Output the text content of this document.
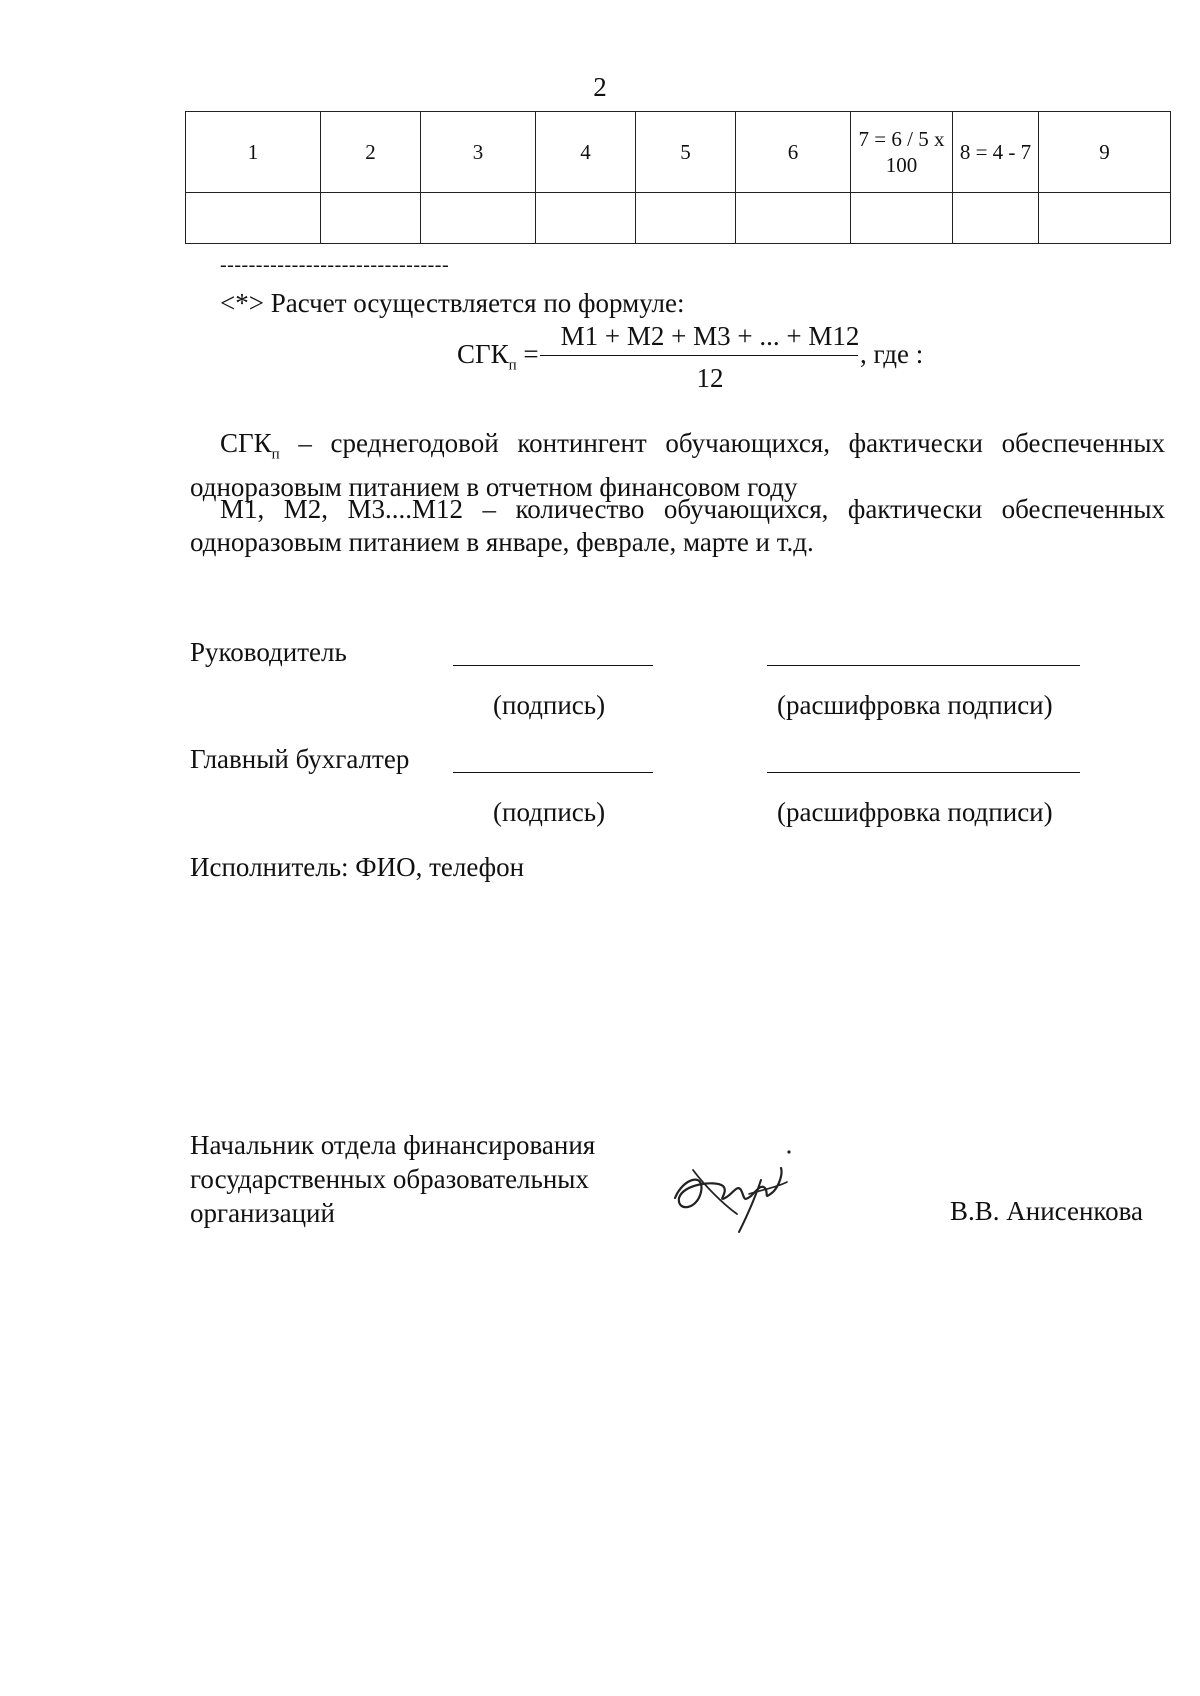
2
1	2	3	4	5	6	7 = 6 / 5 x 100	8 = 4 - 7	9

--------------------------------
<*> Расчет осуществляется по формуле:
$СГК_п$ =
M1 + M2 + M3 + ... + M12
12
, где :
$СГК_п$ – среднегодовой контингент обучающихся, фактически обеспеченных одноразовым питанием в отчетном финансовом году
M1, M2, M3....M12 – количество обучающихся, фактически обеспеченных одноразовым питанием в январе, феврале, марте и т.д.
Руководитель
(подпись)	(расшифровка подписи)
Главный бухгалтер
(подпись)	(расшифровка подписи)
Исполнитель: ФИО, телефон
Начальник отдела финансирования государственных образовательных организаций	В.В. Анисенкова
